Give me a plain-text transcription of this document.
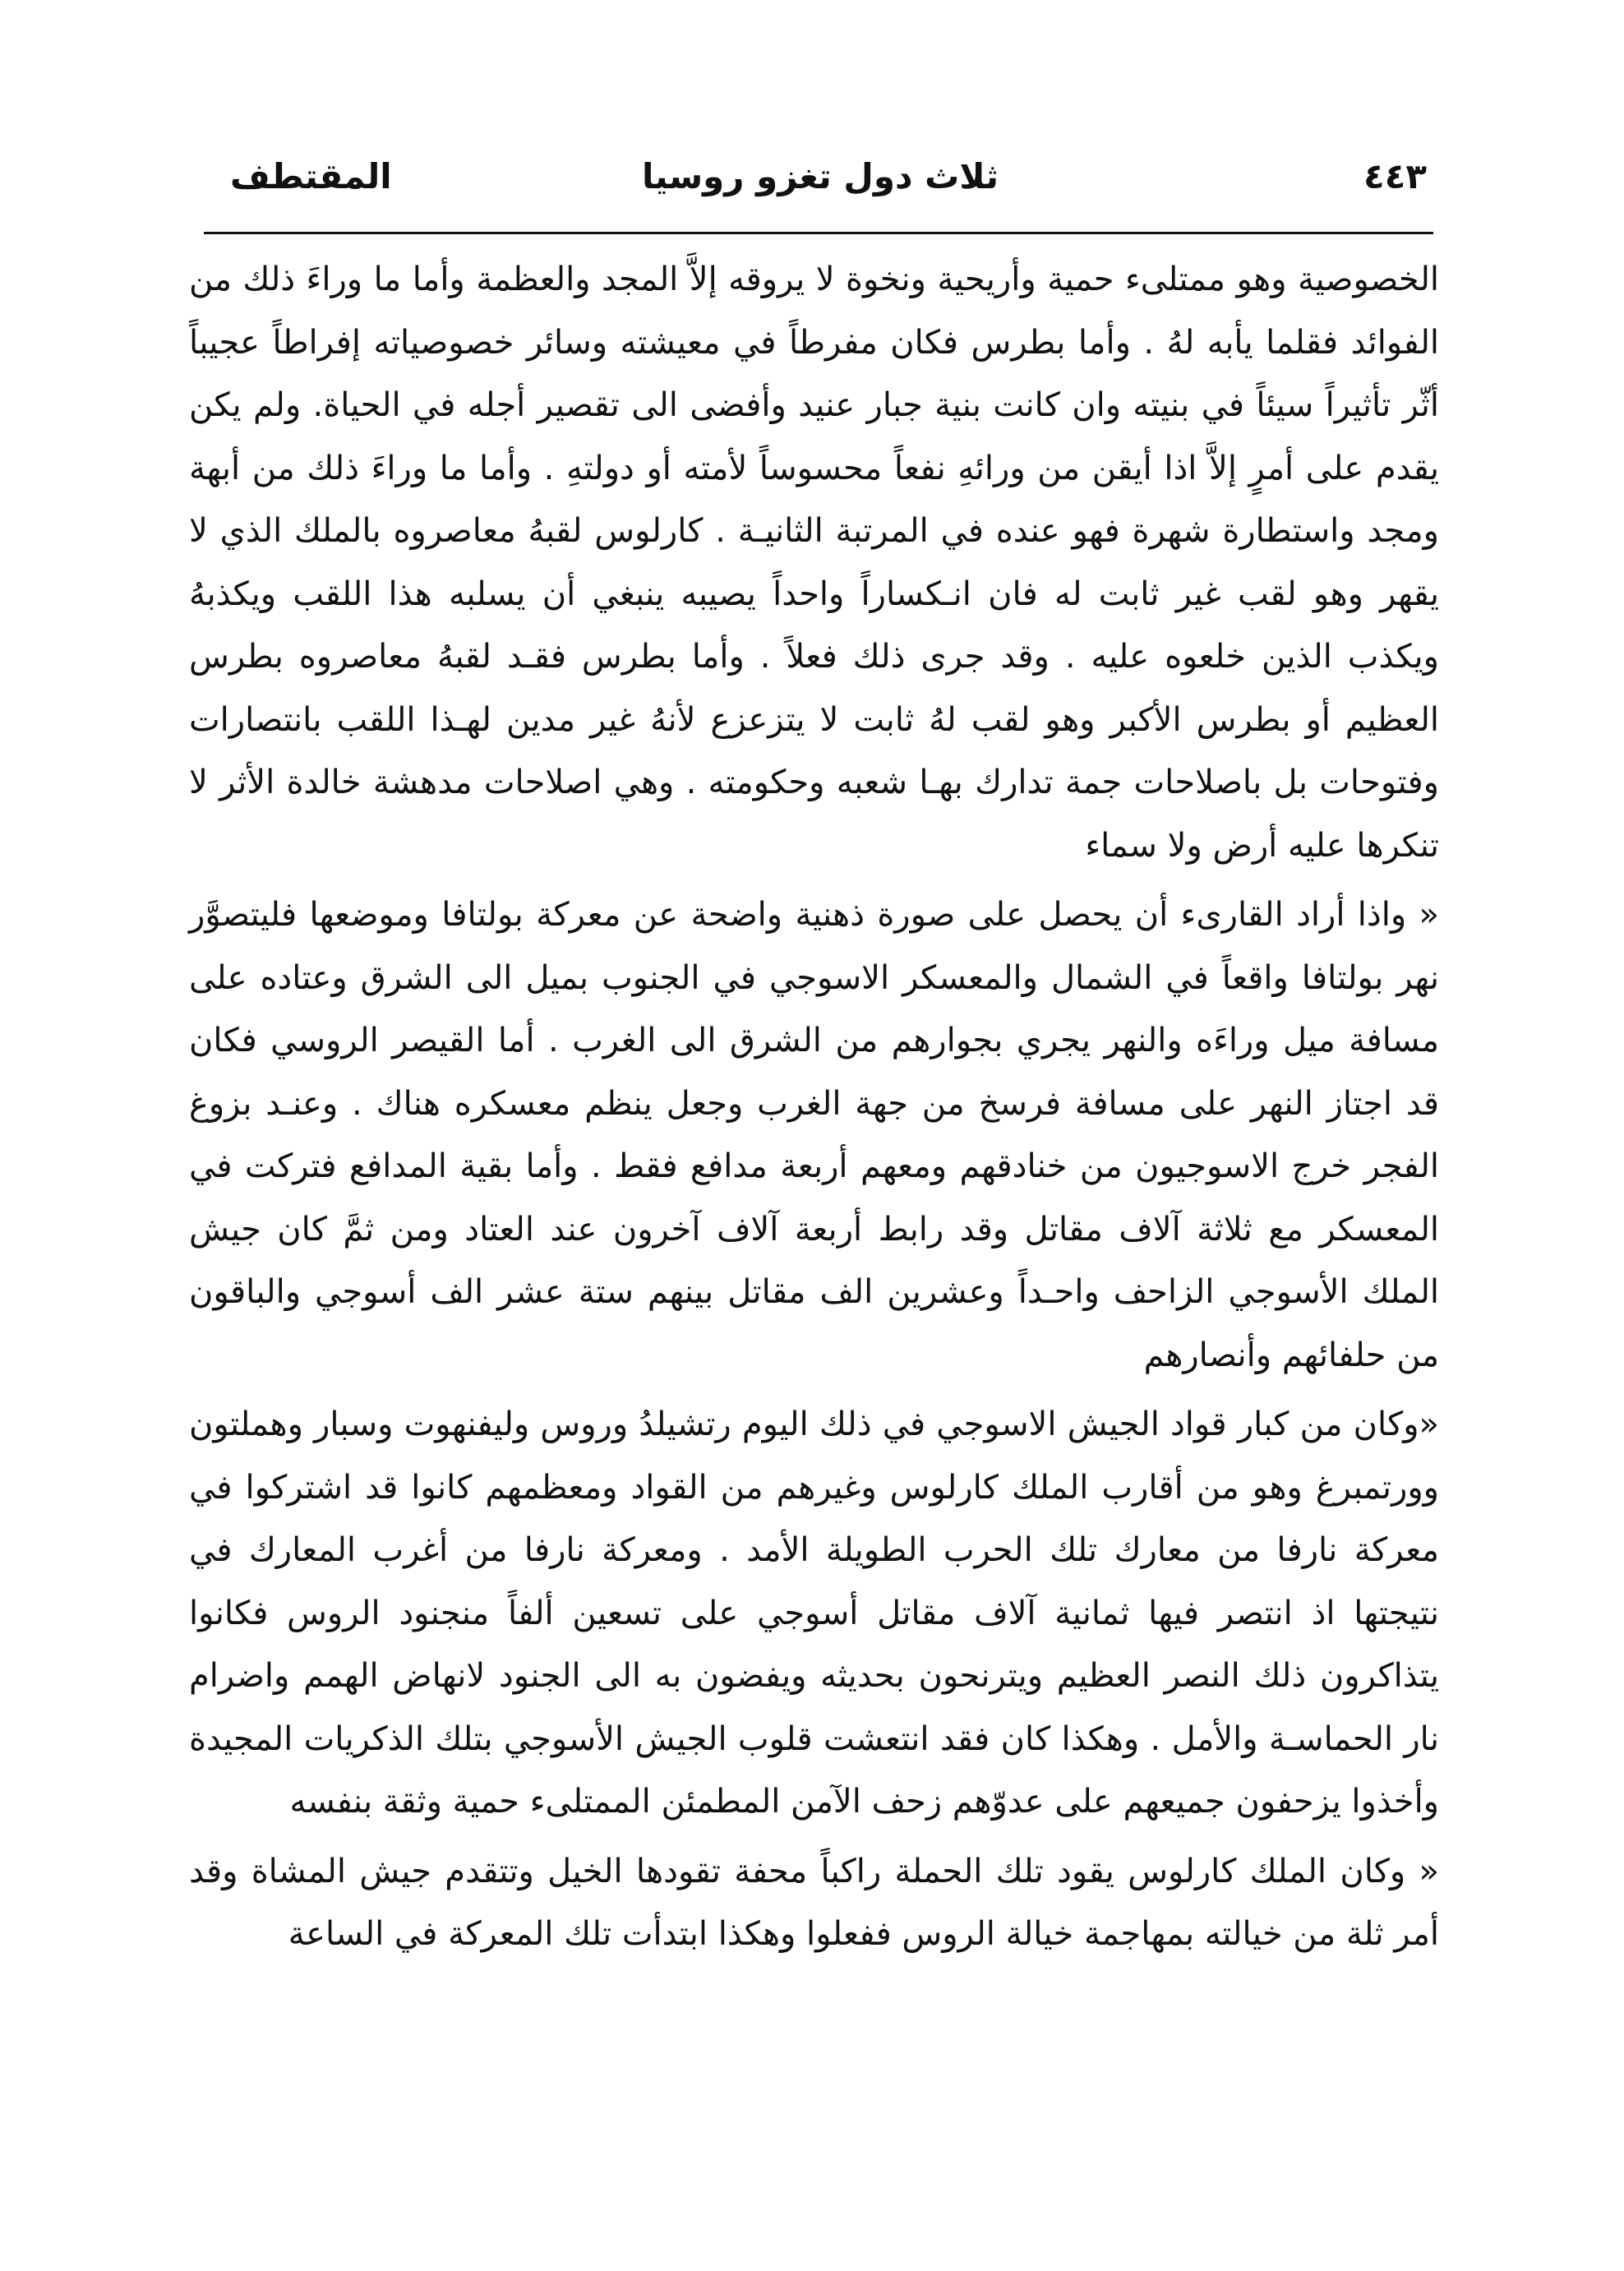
٤٤٣
ثلاث دول تغزو روسيا
المقتطف

الخصوصية وهو ممتلىء حمية وأريحية ونخوة لا يروقه إلاَّ المجد والعظمة وأما ما وراءَ ذلك من الفوائد فقلما يأبه لهُ . وأما بطرس فكان مفرطاً في معيشته وسائر خصوصياته إفراطاً عجيباً أثّر تأثيراً سيئاً في بنيته وان كانت بنية جبار عنيد وأفضى الى تقصير أجله في الحياة. ولم يكن يقدم على أمرٍ إلاَّ اذا أيقن من ورائهِ نفعاً محسوساً لأمته أو دولتهِ . وأما ما وراءَ ذلك من أبهة ومجد واستطارة شهرة فهو عنده في المرتبة الثانيـة . كارلوس لقبهُ معاصروه بالملك الذي لا يقهر وهو لقب غير ثابت له فان انـكساراً واحداً يصيبه ينبغي أن يسلبه هذا اللقب ويكذبهُ ويكذب الذين خلعوه عليه . وقد جرى ذلك فعلاً . وأما بطرس فقـد لقبهُ معاصروه بطرس العظيم أو بطرس الأكبر وهو لقب لهُ ثابت لا يتزعزع لأنهُ غير مدين لهـذا اللقب بانتصارات وفتوحات بل باصلاحات جمة تدارك بهـا شعبه وحكومته . وهي اصلاحات مدهشة خالدة الأثر لا تنكرها عليه أرض ولا سماء

« واذا أراد القارىء أن يحصل على صورة ذهنية واضحة عن معركة بولتافا وموضعها فليتصوَّر نهر بولتافا واقعاً في الشمال والمعسكر الاسوجي في الجنوب بميل الى الشرق وعتاده على مسافة ميل وراءَه والنهر يجري بجوارهم من الشرق الى الغرب . أما القيصر الروسي فكان قد اجتاز النهر على مسافة فرسخ من جهة الغرب وجعل ينظم معسكره هناك . وعنـد بزوغ الفجر خرج الاسوجيون من خنادقهم ومعهم أربعة مدافع فقط . وأما بقية المدافع فتركت في المعسكر مع ثلاثة آلاف مقاتل وقد رابط أربعة آلاف آخرون عند العتاد ومن ثمَّ كان جيش الملك الأسوجي الزاحف واحـداً وعشرين الف مقاتل بينهم ستة عشر الف أسوجي والباقون من حلفائهم وأنصارهم

«وكان من كبار قواد الجيش الاسوجي في ذلك اليوم رتشيلدُ وروس وليفنهوت وسبار وهملتون وورتمبرغ وهو من أقارب الملك كارلوس وغيرهم من القواد ومعظمهم كانوا قد اشتركوا في معركة نارفا من معارك تلك الحرب الطويلة الأمد . ومعركة نارفا من أغرب المعارك في نتيجتها اذ انتصر فيها ثمانية آلاف مقاتل أسوجي على تسعين ألفاً منجنود الروس فكانوا يتذاكرون ذلك النصر العظيم ويترنحون بحديثه ويفضون به الى الجنود لانهاض الهمم واضرام نار الحماسـة والأمل . وهكذا كان فقد انتعشت قلوب الجيش الأسوجي بتلك الذكريات المجيدة وأخذوا يزحفون جميعهم على عدوّهم زحف الآمن المطمئن الممتلىء حمية وثقة بنفسه

« وكان الملك كارلوس يقود تلك الحملة راكباً محفة تقودها الخيل وتتقدم جيش المشاة وقد أمر ثلة من خيالته بمهاجمة خيالة الروس ففعلوا وهكذا ابتدأت تلك المعركة في الساعة
